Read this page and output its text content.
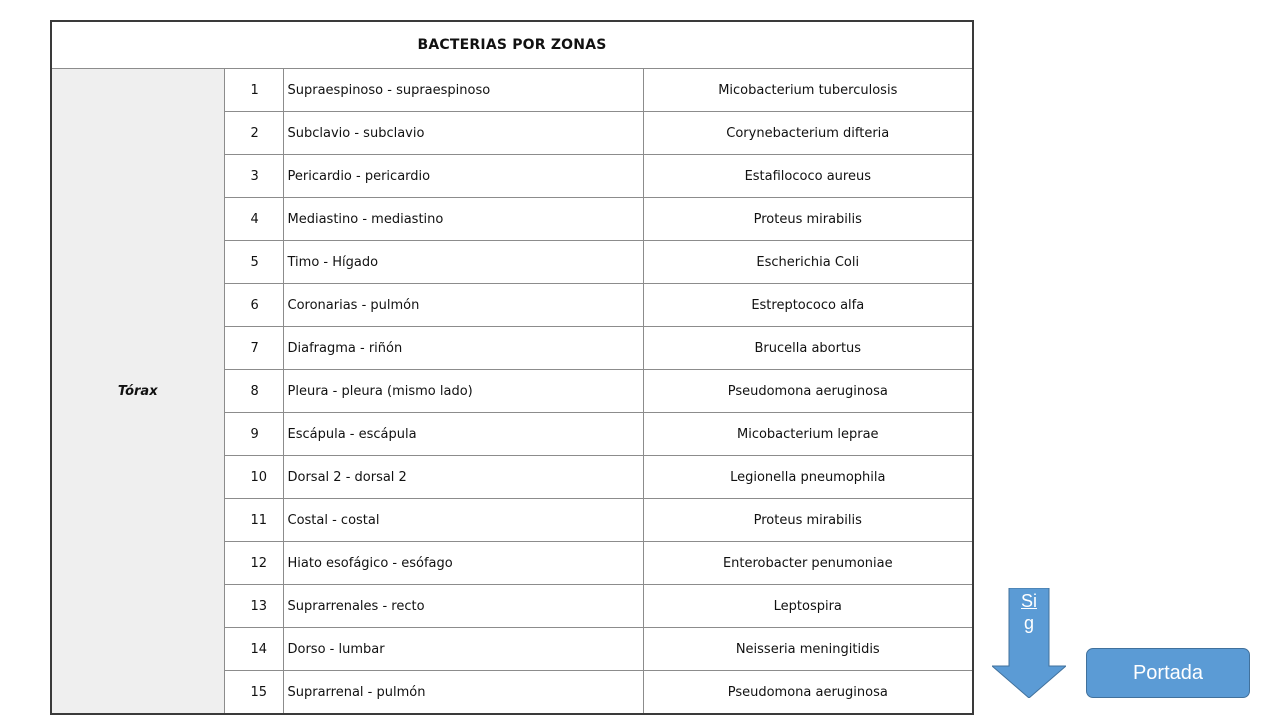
BACTERIAS POR ZONAS			
Tórax	1	Supraespinoso - supraespinoso	Micobacterium tuberculosis
	2	Subclavio - subclavio	Corynebacterium difteria
	3	Pericardio - pericardio	Estafilococo aureus
	4	Mediastino - mediastino	Proteus mirabilis
	5	Timo - Hígado	Escherichia Coli
	6	Coronarias - pulmón	Estreptococo alfa
	7	Diafragma - riñón	Brucella abortus
	8	Pleura - pleura (mismo lado)	Pseudomona aeruginosa
	9	Escápula - escápula	Micobacterium leprae
	10	Dorsal 2 - dorsal 2	Legionella pneumophila
	11	Costal - costal	Proteus mirabilis
	12	Hiato esofágico - esófago	Enterobacter penumoniae
	13	Suprarrenales - recto	Leptospira
	14	Dorso - lumbar	Neisseria meningitidis
	15	Suprarrenal - pulmón	Pseudomona aeruginosa
Sig
Portada
